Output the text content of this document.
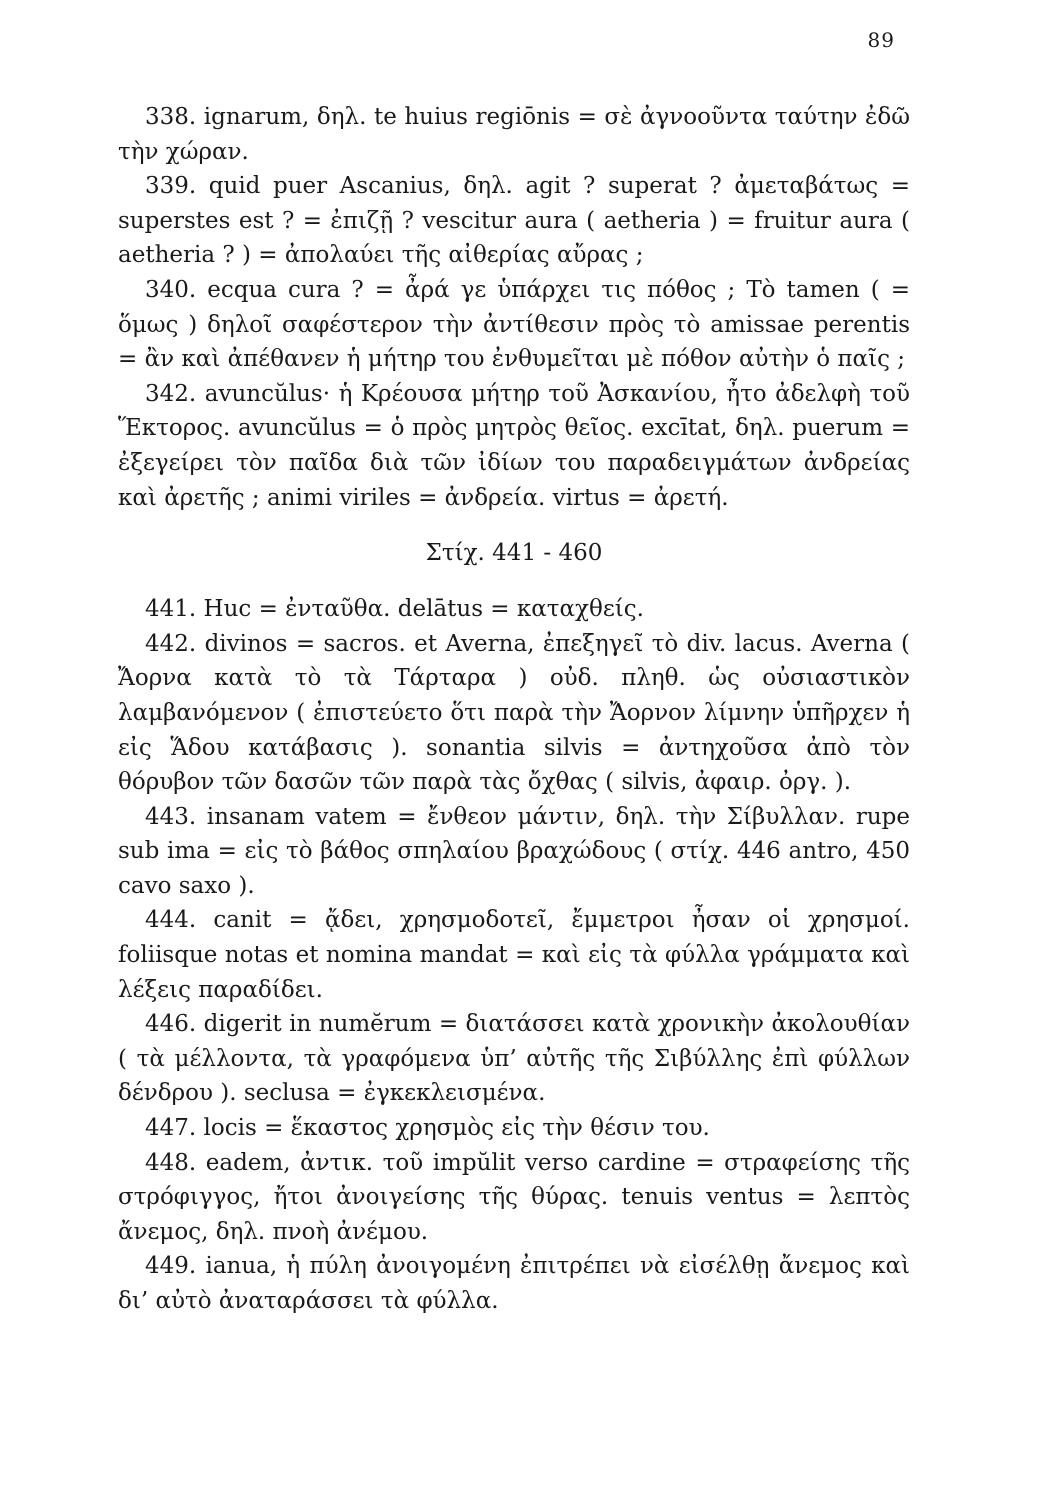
89

338. ignarum, δηλ. te huius regiōnis = σὲ ἀγνοοῦντα ταύτην ἐδῶ τὴν χώραν.

339. quid puer Ascanius, δηλ. agit ? superat ? ἀμεταβάτως = superstes est ? = ἐπιζῇ ? vescitur aura ( aetheria ) = fruitur aura ( aetheria ? ) = ἀπολαύει τῆς αἰθερίας αὔρας ;

340. ecqua cura ? = ἆρά γε ὑπάρχει τις πόθος ; Τὸ tamen ( = ὅμως ) δηλοῖ σαφέστερον τὴν ἀντίθεσιν πρὸς τὸ amissae perentis = ἂν καὶ ἀπέθανεν ἡ μήτηρ του ἐνθυμεῖται μὲ πόθον αὐτὴν ὁ παῖς ;

342. avuncŭlus· ἡ Κρέουσα μήτηρ τοῦ Ἀσκανίου, ἦτο ἀδελφὴ τοῦ Ἕκτορος. avuncŭlus = ὁ πρὸς μητρὸς θεῖος. excītat, δηλ. puerum = ἐξεγείρει τὸν παῖδα διὰ τῶν ἰδίων του παραδειγμάτων ἀνδρείας καὶ ἀρετῆς ; animi viriles = ἀνδρεία. virtus = ἀρετή.

Στίχ. 441 - 460

441. Huc = ἐνταῦθα. delātus = καταχθείς.

442. divinos = sacros. et Averna, ἐπεξηγεῖ τὸ div. lacus. Averna ( Ἄορνα κατὰ τὸ τὰ Τάρταρα ) οὐδ. πληθ. ὡς οὐσιαστικὸν λαμβανόμενον ( ἐπιστεύετο ὅτι παρὰ τὴν Ἄορνον λίμνην ὑπῆρχεν ἡ εἰς Ἅδου κατάβασις ). sonantia silvis = ἀντηχοῦσα ἀπὸ τὸν θόρυβον τῶν δασῶν τῶν παρὰ τὰς ὄχθας ( silvis, ἀφαιρ. ὀργ. ).

443. insanam vatem = ἔνθεον μάντιν, δηλ. τὴν Σίβυλλαν. rupe sub ima = εἰς τὸ βάθος σπηλαίου βραχώδους ( στίχ. 446 antro, 450 cavo saxo ).

444. canit = ᾄδει, χρησμοδοτεῖ, ἔμμετροι ἦσαν οἱ χρησμοί. foliisque notas et nomina mandat = καὶ εἰς τὰ φύλλα γράμματα καὶ λέξεις παραδίδει.

446. digerit in numĕrum = διατάσσει κατὰ χρονικὴν ἀκολουθίαν ( τὰ μέλλοντα, τὰ γραφόμενα ὑπ’ αὐτῆς τῆς Σιβύλλης ἐπὶ φύλλων δένδρου ). seclusa = ἐγκεκλεισμένα.

447. locis = ἕκαστος χρησμὸς εἰς τὴν θέσιν του.

448. eadem, ἀντικ. τοῦ impŭlit verso cardine = στραφείσης τῆς στρόφιγγος, ἤτοι ἀνοιγείσης τῆς θύρας. tenuis ventus = λεπτὸς ἄνεμος, δηλ. πνοὴ ἀνέμου.

449. ianua, ἡ πύλη ἀνοιγομένη ἐπιτρέπει νὰ εἰσέλθῃ ἄνεμος καὶ δι’ αὐτὸ ἀναταράσσει τὰ φύλλα.
